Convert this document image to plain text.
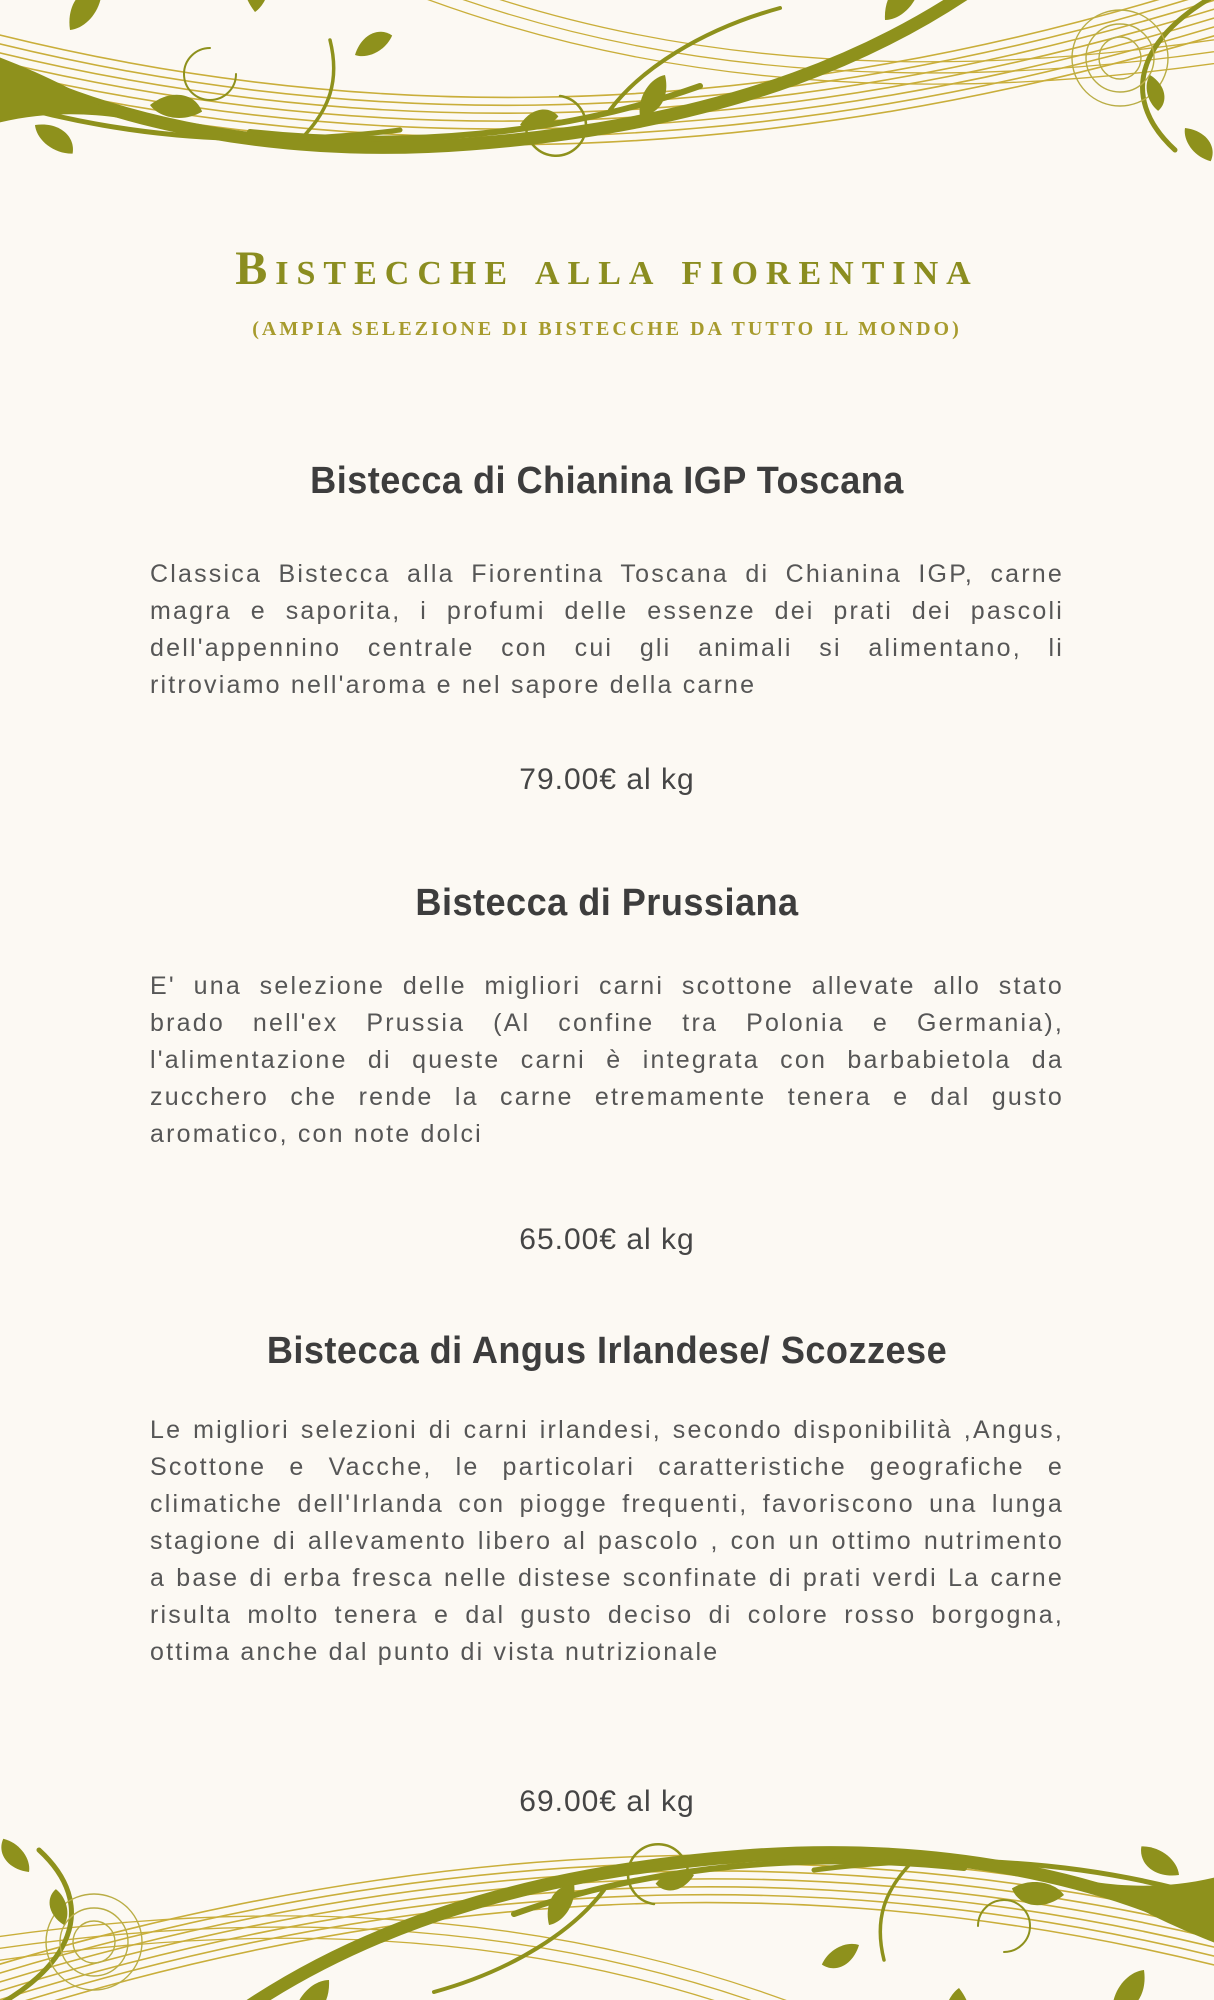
Bistecche alla fiorentina
(AMPIA SELEZIONE DI BISTECCHE DA TUTTO IL MONDO)
Bistecca di Chianina IGP Toscana
Classica Bistecca alla Fiorentina Toscana di Chianina IGP, carne magra e saporita, i profumi delle essenze dei prati dei pascoli dell'appennino centrale con cui gli animali si alimentano, li ritroviamo nell'aroma e nel sapore della carne
79.00€ al kg
Bistecca di Prussiana
E' una selezione delle migliori carni scottone allevate allo stato brado nell'ex Prussia (Al confine tra Polonia e Germania), l'alimentazione di queste carni è integrata con barbabietola da zucchero che rende la carne etremamente tenera e dal gusto aromatico, con note dolci
65.00€ al kg
Bistecca di Angus Irlandese/ Scozzese
Le migliori selezioni di carni irlandesi, secondo disponibilità ,Angus, Scottone e Vacche, le particolari caratteristiche geografiche e climatiche dell'Irlanda con piogge frequenti, favoriscono una lunga stagione di allevamento libero al pascolo , con un ottimo nutrimento a base di erba fresca nelle distese sconfinate di prati verdi La carne risulta molto tenera e dal gusto deciso di colore rosso borgogna, ottima anche dal punto di vista nutrizionale
69.00€ al kg
